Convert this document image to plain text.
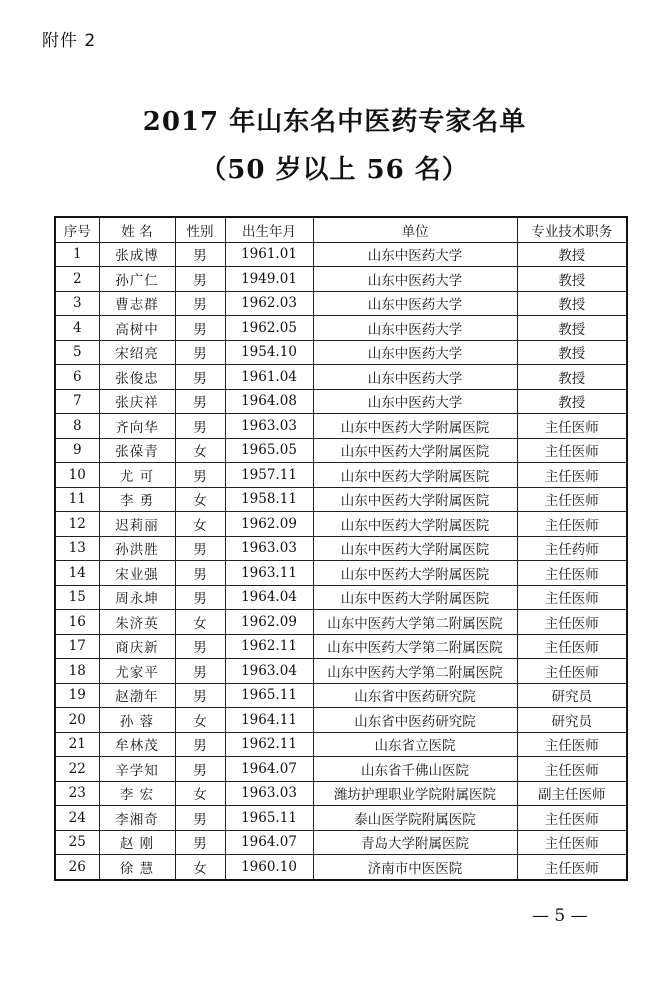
附件 2
2017 年山东名中医药专家名单
（50 岁以上 56 名）
序号	姓 名	性别	出生年月	单位	专业技术职务
1	张成博	男	1961.01	山东中医药大学	教授
2	孙广仁	男	1949.01	山东中医药大学	教授
3	曹志群	男	1962.03	山东中医药大学	教授
4	高树中	男	1962.05	山东中医药大学	教授
5	宋绍亮	男	1954.10	山东中医药大学	教授
6	张俊忠	男	1961.04	山东中医药大学	教授
7	张庆祥	男	1964.08	山东中医药大学	教授
8	齐向华	男	1963.03	山东中医药大学附属医院	主任医师
9	张葆青	女	1965.05	山东中医药大学附属医院	主任医师
10	尤 可	男	1957.11	山东中医药大学附属医院	主任医师
11	李 勇	女	1958.11	山东中医药大学附属医院	主任医师
12	迟莉丽	女	1962.09	山东中医药大学附属医院	主任医师
13	孙洪胜	男	1963.03	山东中医药大学附属医院	主任药师
14	宋业强	男	1963.11	山东中医药大学附属医院	主任医师
15	周永坤	男	1964.04	山东中医药大学附属医院	主任医师
16	朱济英	女	1962.09	山东中医药大学第二附属医院	主任医师
17	商庆新	男	1962.11	山东中医药大学第二附属医院	主任医师
18	尤家平	男	1963.04	山东中医药大学第二附属医院	主任医师
19	赵渤年	男	1965.11	山东省中医药研究院	研究员
20	孙 蓉	女	1964.11	山东省中医药研究院	研究员
21	牟林茂	男	1962.11	山东省立医院	主任医师
22	辛学知	男	1964.07	山东省千佛山医院	主任医师
23	李 宏	女	1963.03	潍坊护理职业学院附属医院	副主任医师
24	李湘奇	男	1965.11	泰山医学院附属医院	主任医师
25	赵 刚	男	1964.07	青岛大学附属医院	主任医师
26	徐 慧	女	1960.10	济南市中医医院	主任医师
— 5 —
